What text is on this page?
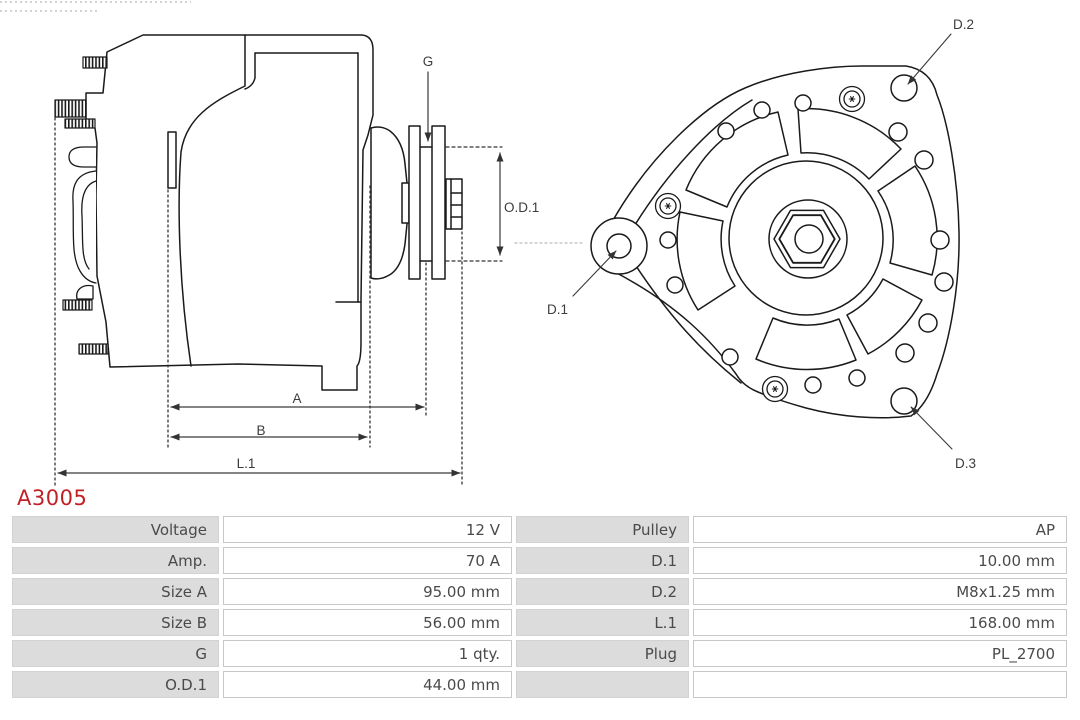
G
O.D.1
A
B
L.1
D.2
D.1
D.3
A3005
Voltage	12 V	Pulley	AP
Amp.	70 A	D.1	10.00 mm
Size A	95.00 mm	D.2	M8x1.25 mm
Size B	56.00 mm	L.1	168.00 mm
G	1 qty.	Plug	PL_2700
O.D.1	44.00 mm
